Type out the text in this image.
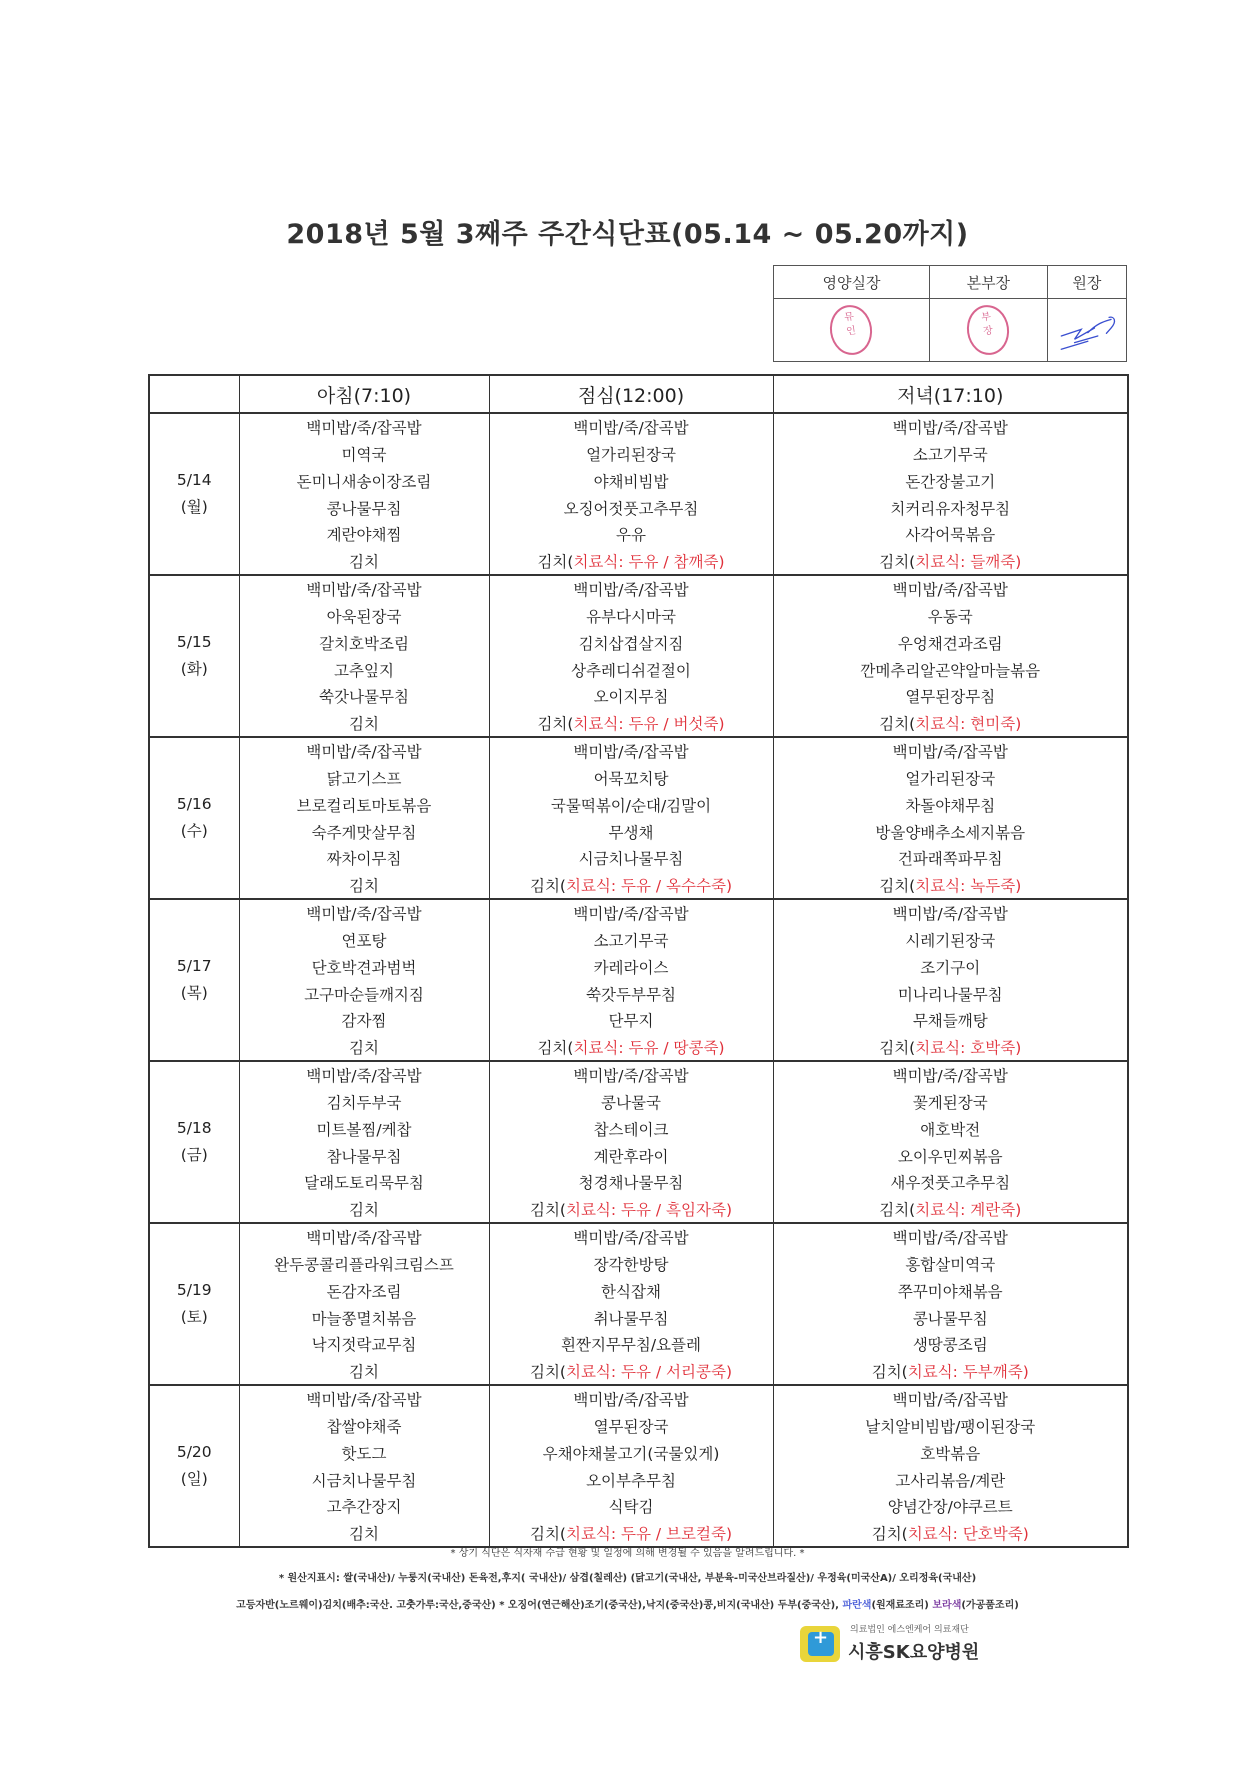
2018년 5월 3째주 주간식단표(05.14 ~ 05.20까지)
영양실장	본부장	원장

뮤
인	부
장

	아침(7:10)	점심(12:00)	저녁(17:10)
	백미밥/죽/잡곡밥	백미밥/죽/잡곡밥	백미밥/죽/잡곡밥
	미역국	얼가리된장국	소고기무국
5/14	돈미니새송이장조림	야채비빔밥	돈간장불고기
(월)	콩나물무침	오징어젓풋고추무침	치커리유자청무침
	계란야채찜	우유	사각어묵볶음
	김치	김치(치료식: 두유 / 참깨죽)	김치(치료식: 들깨죽)
	백미밥/죽/잡곡밥	백미밥/죽/잡곡밥	백미밥/죽/잡곡밥
	아욱된장국	유부다시마국	우동국
5/15	갈치호박조림	김치삽겹살지짐	우엉채견과조림
(화)	고추잎지	상추레디쉬겉절이	깐메추리알곤약알마늘볶음
	쑥갓나물무침	오이지무침	열무된장무침
	김치	김치(치료식: 두유 / 버섯죽)	김치(치료식: 현미죽)
	백미밥/죽/잡곡밥	백미밥/죽/잡곡밥	백미밥/죽/잡곡밥
	닭고기스프	어묵꼬치탕	얼가리된장국
5/16	브로컬리토마토볶음	국물떡볶이/순대/김말이	차돌야채무침
(수)	숙주게맛살무침	무생채	방울양배추소세지볶음
	짜차이무침	시금치나물무침	건파래쪽파무침
	김치	김치(치료식: 두유 / 옥수수죽)	김치(치료식: 녹두죽)
	백미밥/죽/잡곡밥	백미밥/죽/잡곡밥	백미밥/죽/잡곡밥
	연포탕	소고기무국	시레기된장국
5/17	단호박견과범벅	카레라이스	조기구이
(목)	고구마순들깨지짐	쑥갓두부무침	미나리나물무침
	감자찜	단무지	무채들깨탕
	김치	김치(치료식: 두유 / 땅콩죽)	김치(치료식: 호박죽)
	백미밥/죽/잡곡밥	백미밥/죽/잡곡밥	백미밥/죽/잡곡밥
	김치두부국	콩나물국	꽃게된장국
5/18	미트볼찜/케찹	찹스테이크	애호박전
(금)	참나물무침	계란후라이	오이우민찌볶음
	달래도토리묵무침	청경채나물무침	새우젓풋고추무침
	김치	김치(치료식: 두유 / 흑임자죽)	김치(치료식: 계란죽)
	백미밥/죽/잡곡밥	백미밥/죽/잡곡밥	백미밥/죽/잡곡밥
	완두콩콜리플라워크림스프	장각한방탕	홍합살미역국
5/19	돈감자조림	한식잡채	쭈꾸미야채볶음
(토)	마늘쫑멸치볶음	취나물무침	콩나물무침
	낙지젓락교무침	흰짠지무무침/요플레	생땅콩조림
	김치	김치(치료식: 두유 / 서리콩죽)	김치(치료식: 두부깨죽)
	백미밥/죽/잡곡밥	백미밥/죽/잡곡밥	백미밥/죽/잡곡밥
	찹쌀야채죽	열무된장국	날치알비빔밥/팽이된장국
5/20	핫도그	우채야채불고기(국물있게)	호박볶음
(일)	시금치나물무침	오이부추무침	고사리볶음/계란
	고추간장지	식탁김	양념간장/야쿠르트
	김치	김치(치료식: 두유 / 브로컬죽)	김치(치료식: 단호박죽)
* 상기 식단은 식자재 수급 현황 및 일정에 의해 변경될 수 있음을 알려드립니다. *
* 원산지표시: 쌀(국내산)/ 누룽지(국내산) 돈육전,후지( 국내산)/ 삼겹(칠레산) (닭고기(국내산, 부분육-미국산브라질산)/ 우정육(미국산A)/ 오리정육(국내산)
고등자반(노르웨이)김치(배추:국산. 고춧가루:국산,중국산) * 오징어(연근해산)조기(중국산),낙지(중국산)콩,비지(국내산) 두부(중국산), 파란색(원재료조리) 보라색(가공품조리)
+ 의료법인 에스엔케어 의료재단
시흥SK요양병원
